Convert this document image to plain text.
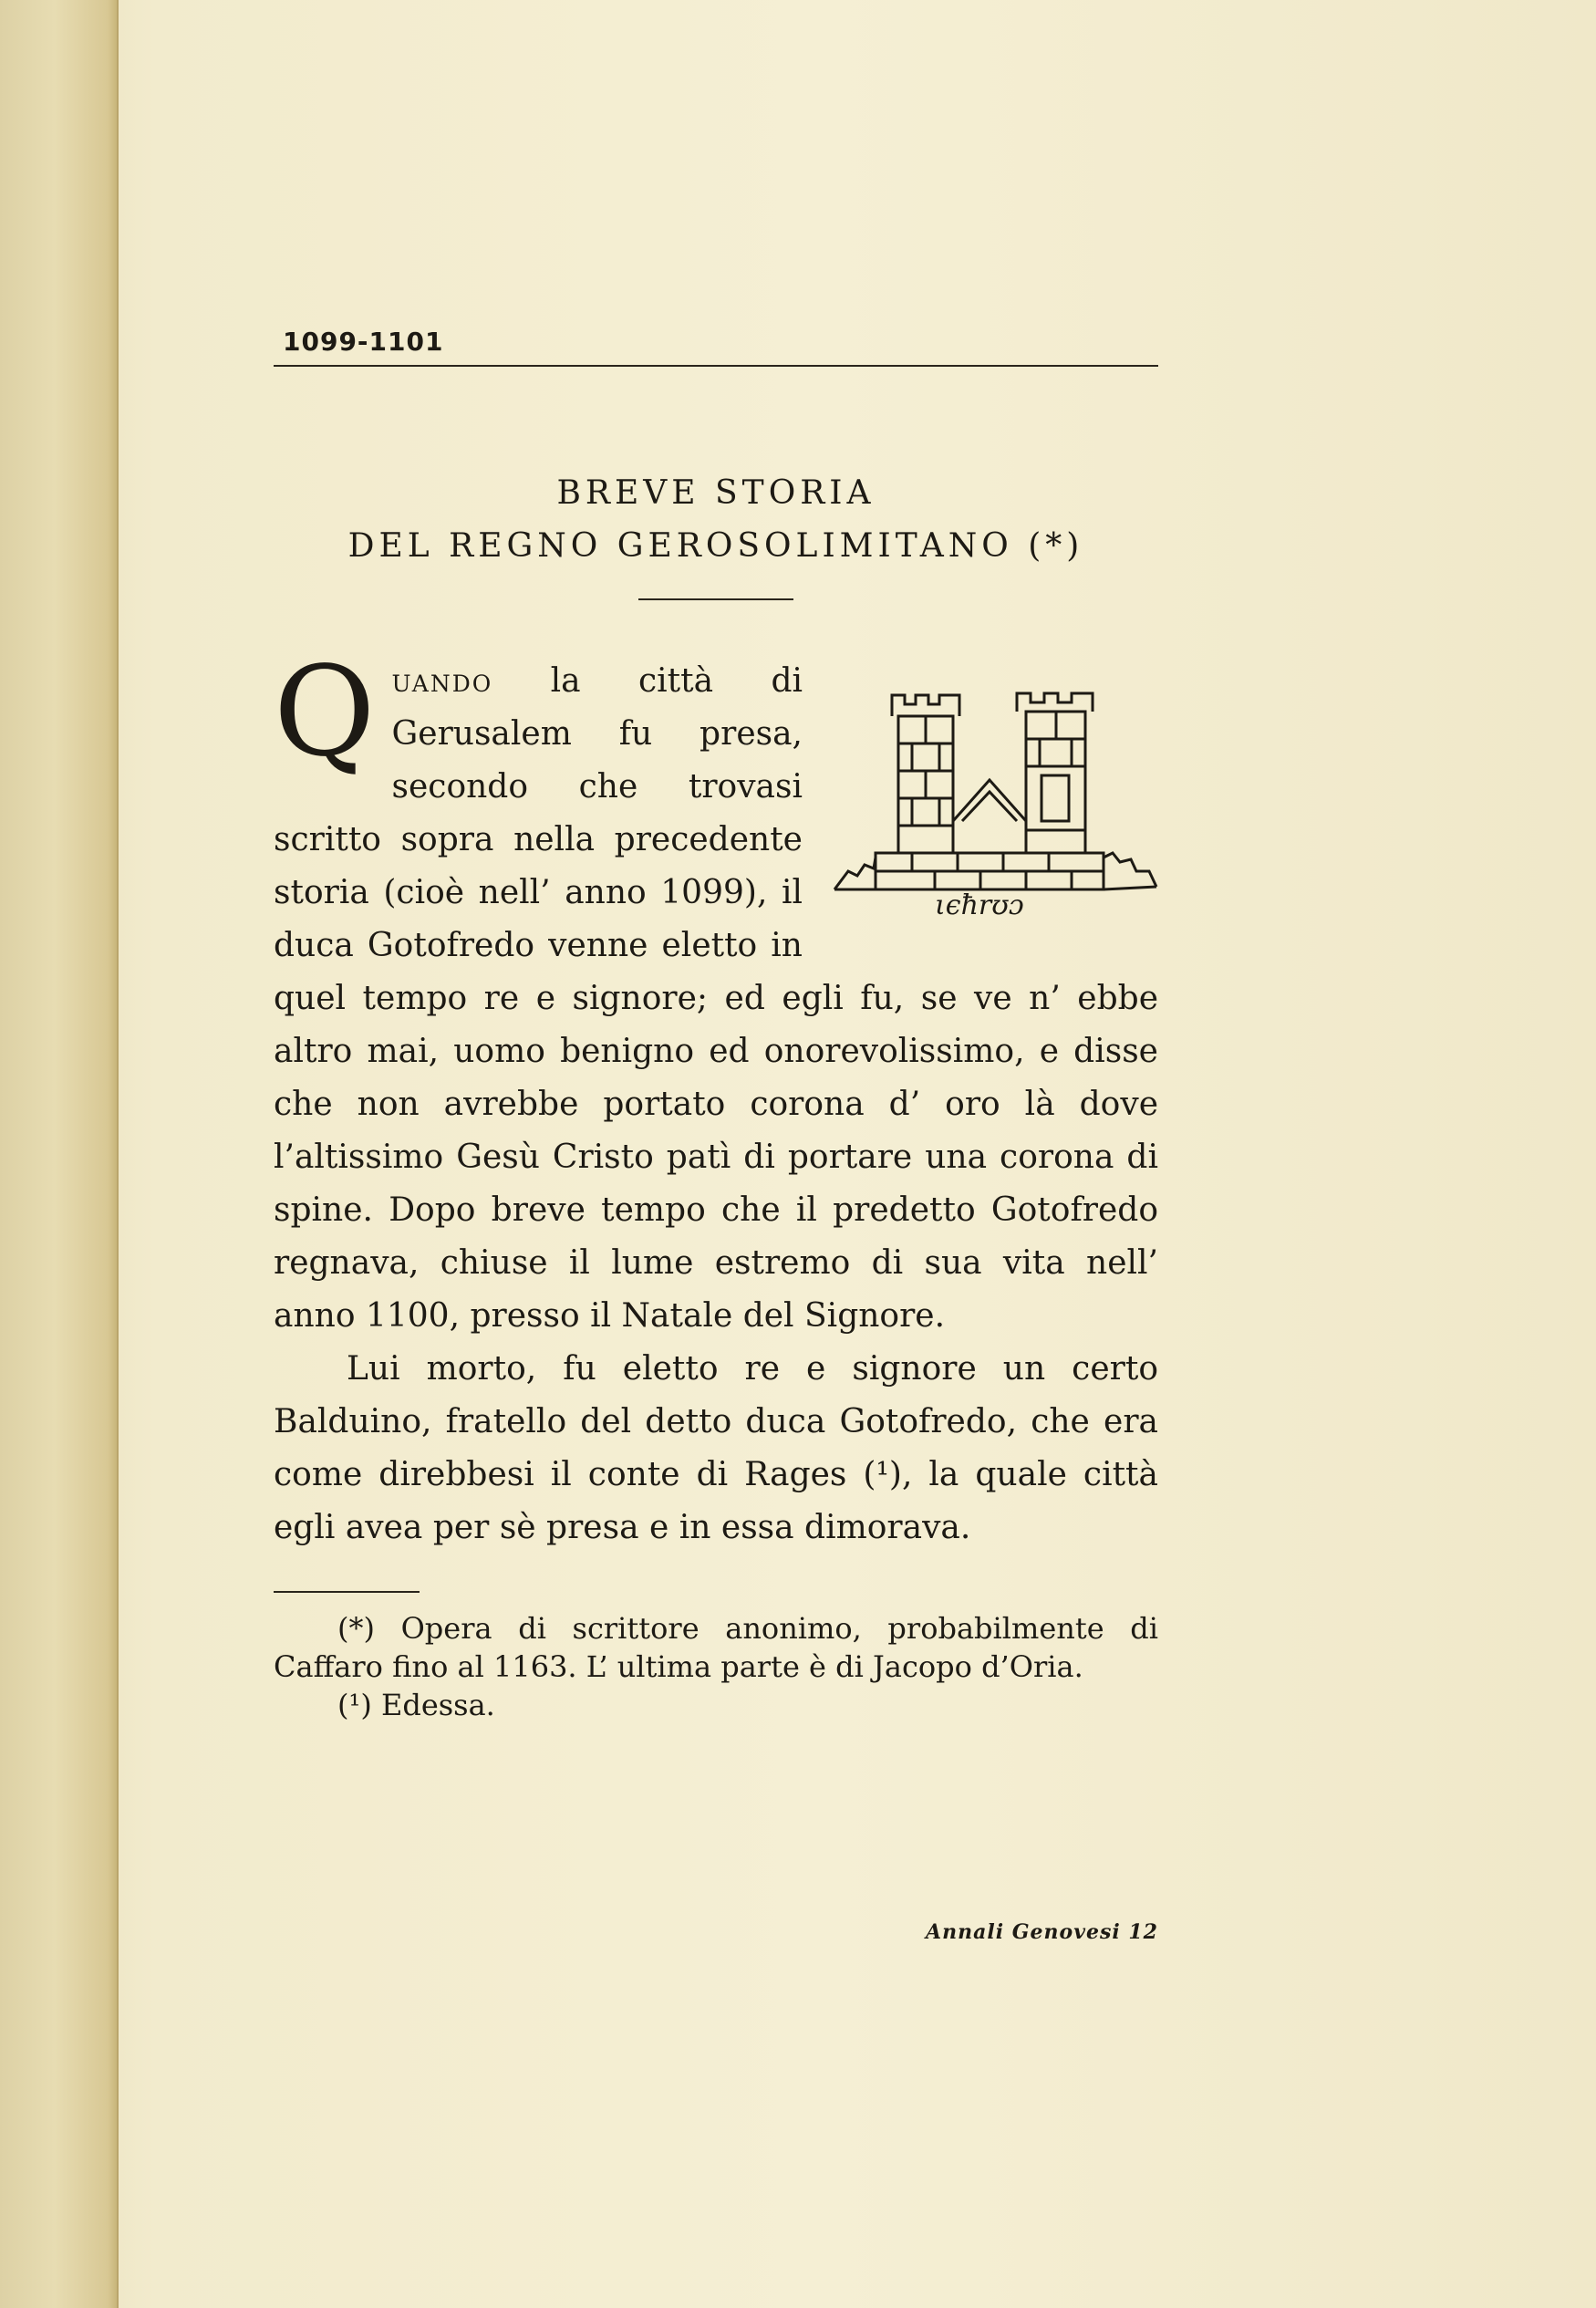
1099-1101
BREVE STORIA
DEL REGNO GEROSOLIMITANO (*)

Q
ιϵħrʊɔ
uando la città di Gerusalem fu presa, secondo che trovasi scritto sopra nella precedente storia (cioè nell’ anno 1099), il duca Gotofredo venne eletto in quel tempo re e signore; ed egli fu, se ve n’ ebbe altro mai, uomo benigno ed onorevolissimo, e disse che non avrebbe portato corona d’ oro là dove l’altissimo Gesù Cristo patì di portare una corona di spine. Dopo breve tempo che il predetto Gotofredo regnava, chiuse il lume estremo di sua vita nell’ anno 1100, presso il Natale del Signore.

Lui morto, fu eletto re e signore un certo Balduino, fratello del detto duca Gotofredo, che era come direbbesi il conte di Rages (¹), la quale città egli avea per sè presa e in essa dimorava.

(*) Opera di scrittore anonimo, probabilmente di Caffaro fino al 1163. L’ ultima parte è di Jacopo d’Oria.
(¹) Edessa.
Annali Genovesi 12
